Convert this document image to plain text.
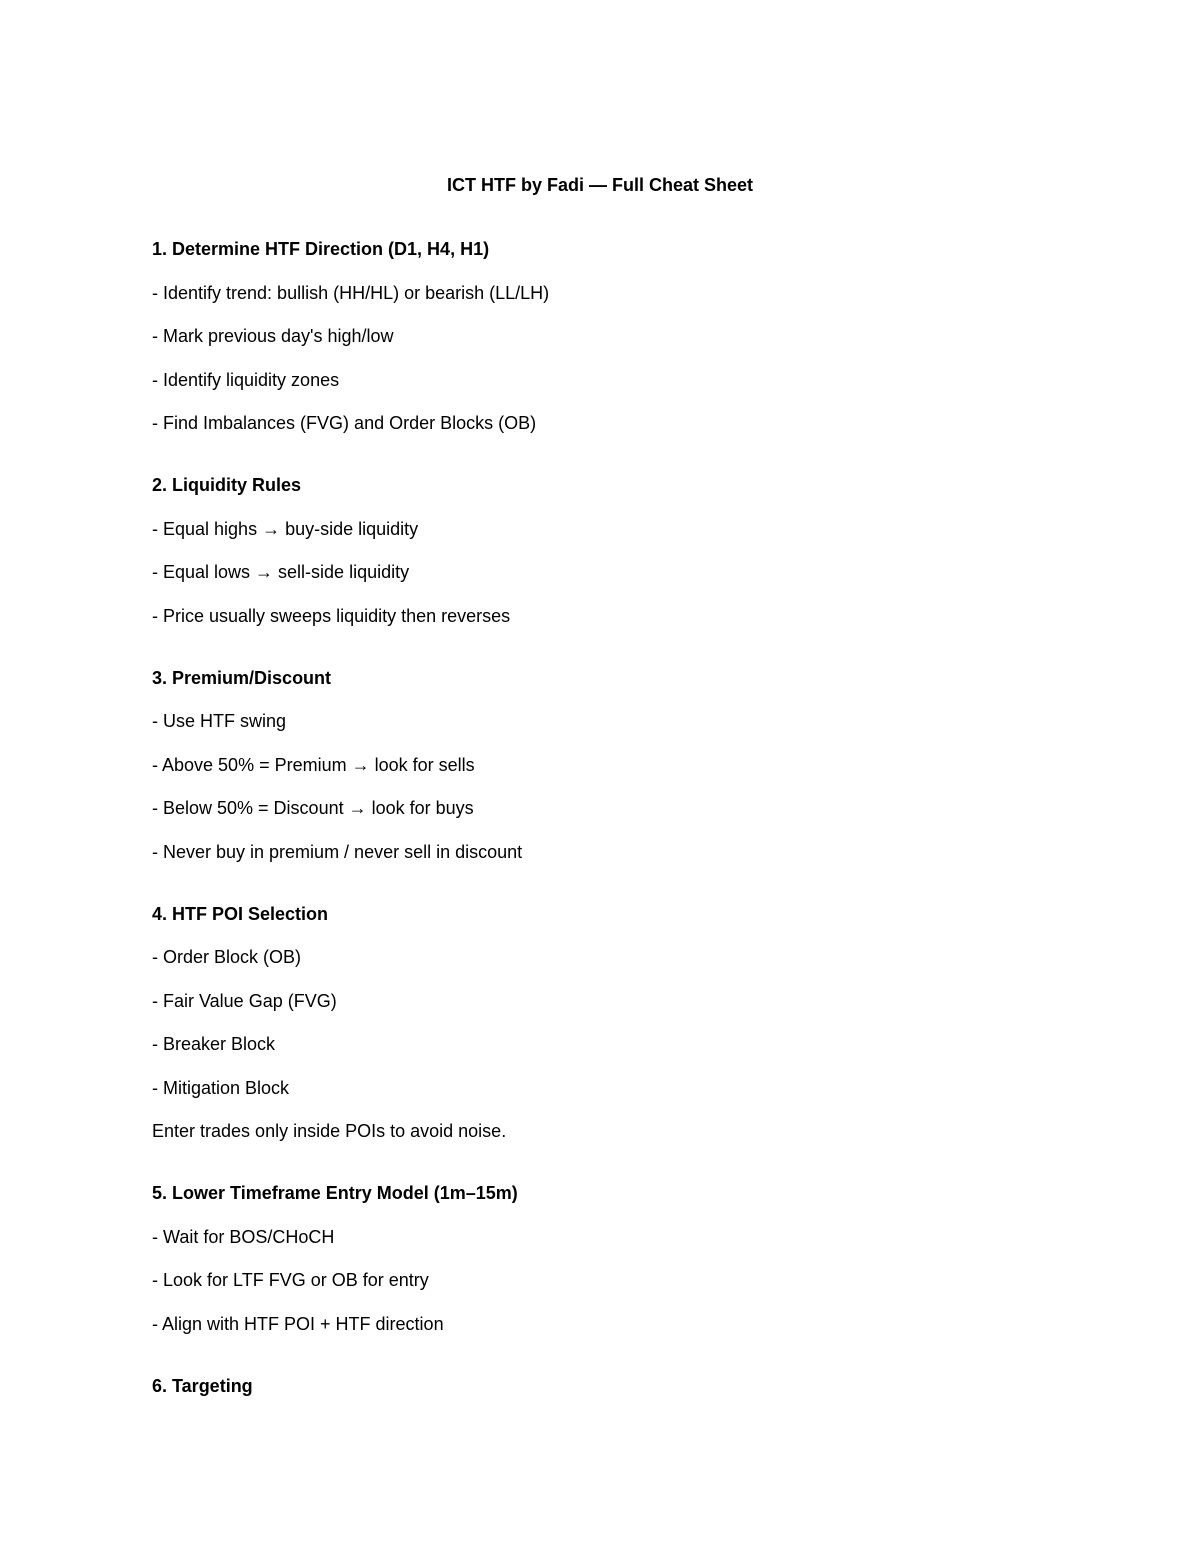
ICT HTF by Fadi — Full Cheat Sheet
1. Determine HTF Direction (D1, H4, H1)
- Identify trend: bullish (HH/HL) or bearish (LL/LH)
- Mark previous day's high/low
- Identify liquidity zones
- Find Imbalances (FVG) and Order Blocks (OB)
2. Liquidity Rules
- Equal highs → buy-side liquidity
- Equal lows → sell-side liquidity
- Price usually sweeps liquidity then reverses
3. Premium/Discount
- Use HTF swing
- Above 50% = Premium → look for sells
- Below 50% = Discount → look for buys
- Never buy in premium / never sell in discount
4. HTF POI Selection
- Order Block (OB)
- Fair Value Gap (FVG)
- Breaker Block
- Mitigation Block
Enter trades only inside POIs to avoid noise.
5. Lower Timeframe Entry Model (1m–15m)
- Wait for BOS/CHoCH
- Look for LTF FVG or OB for entry
- Align with HTF POI + HTF direction
6. Targeting
